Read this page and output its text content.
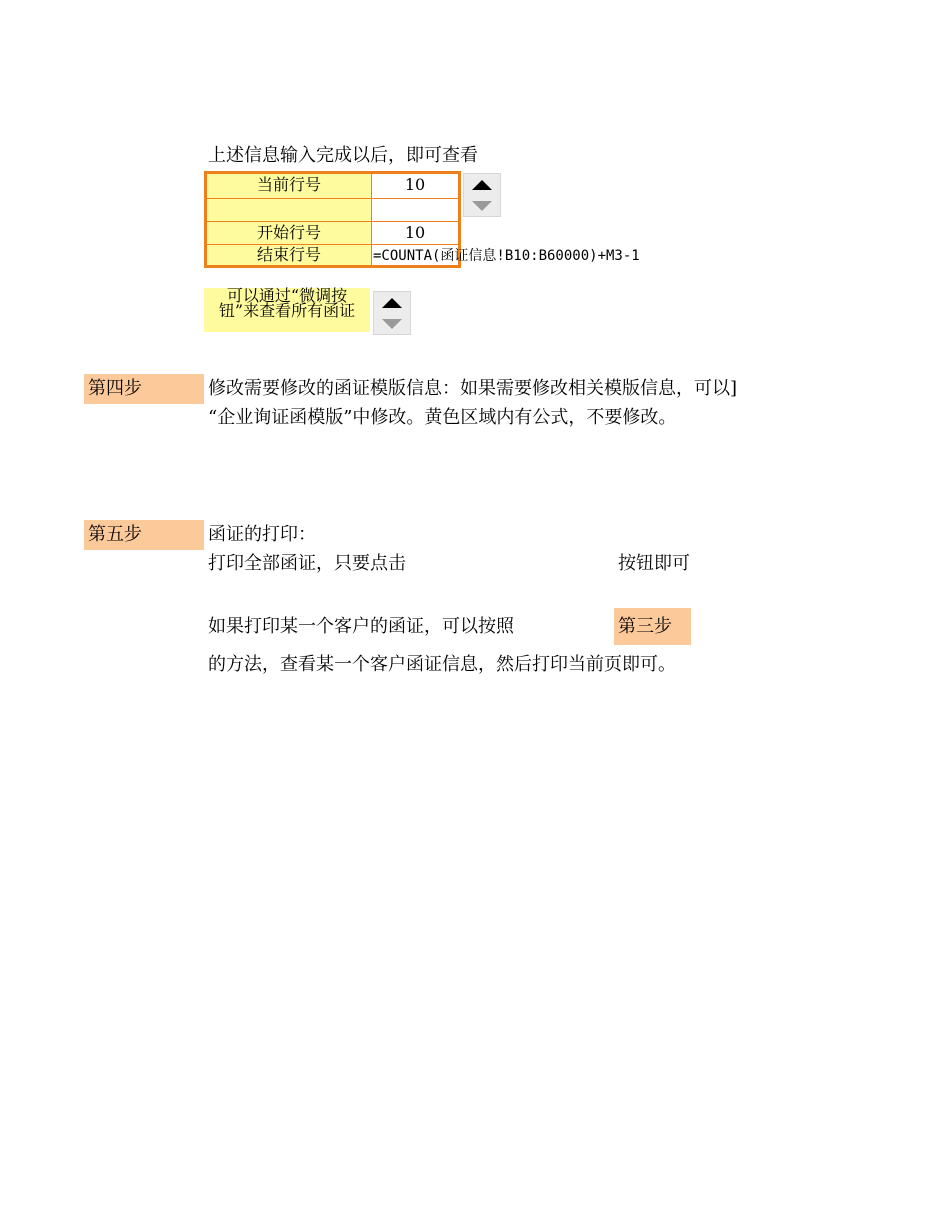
上述信息输入完成以后，即可查看
当前行号	10
开始行号	10
结束行号	=COUNTA(函证信息!B10:B60000)+M3-1
可以通过“微调按钮”来查看所有函证
第四步	修改需要修改的函证模版信息：如果需要修改相关模版信息，可以]
“企业询证函模版”中修改。黄色区域内有公式，不要修改。
第五步	函证的打印：
打印全部函证，只要点击	按钮即可
如果打印某一个客户的函证，可以按照	第三步
的方法，查看某一个客户函证信息，然后打印当前页即可。
